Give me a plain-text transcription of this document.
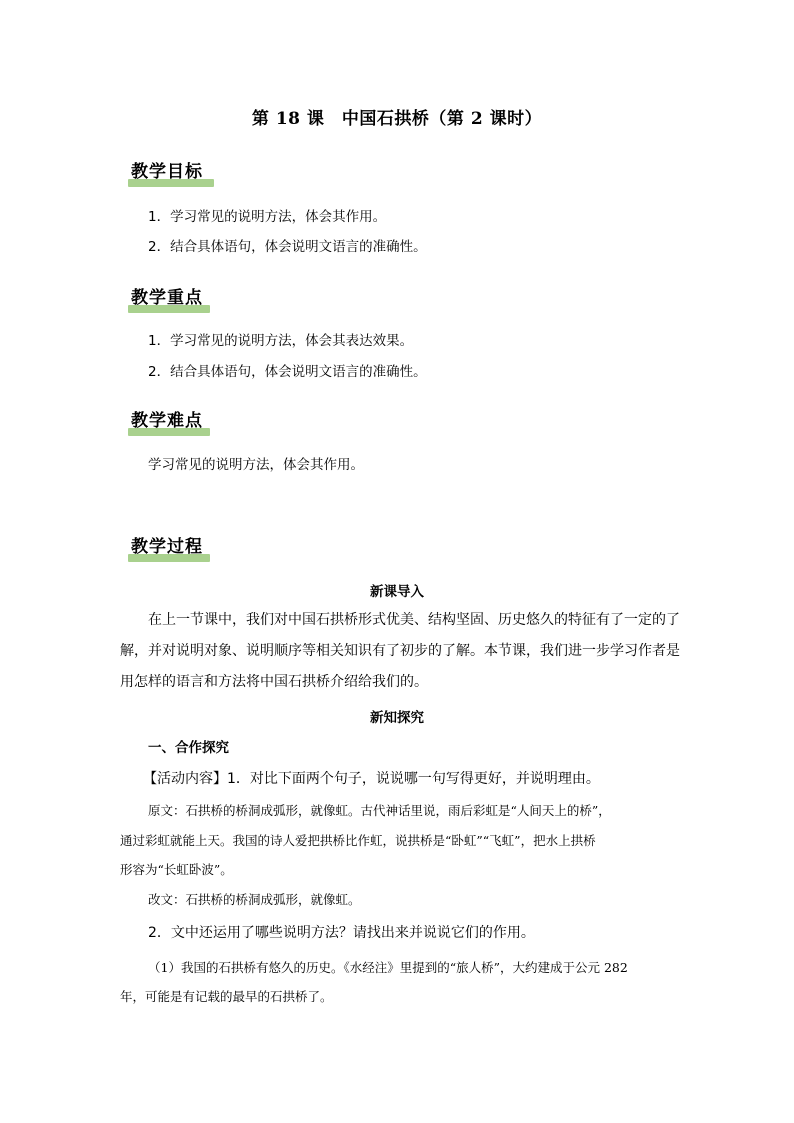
第 18 课　中国石拱桥（第 2 课时）
教学目标
1．学习常见的说明方法，体会其作用。
2．结合具体语句，体会说明文语言的准确性。
教学重点
1．学习常见的说明方法，体会其表达效果。
2．结合具体语句，体会说明文语言的准确性。
教学难点
学习常见的说明方法，体会其作用。
教学过程
新课导入
在上一节课中，我们对中国石拱桥形式优美、结构坚固、历史悠久的特征有了一定的了
解，并对说明对象、说明顺序等相关知识有了初步的了解。本节课，我们进一步学习作者是
用怎样的语言和方法将中国石拱桥介绍给我们的。
新知探究
一、合作探究
【活动内容】1．对比下面两个句子，说说哪一句写得更好，并说明理由。
原文：石拱桥的桥洞成弧形，就像虹。古代神话里说，雨后彩虹是“人间天上的桥”，
通过彩虹就能上天。我国的诗人爱把拱桥比作虹，说拱桥是“卧虹”“飞虹”，把水上拱桥
形容为“长虹卧波”。
改文：石拱桥的桥洞成弧形，就像虹。
2．文中还运用了哪些说明方法？请找出来并说说它们的作用。
（1）我国的石拱桥有悠久的历史。《水经注》里提到的“旅人桥”，大约建成于公元 282
年，可能是有记载的最早的石拱桥了。
